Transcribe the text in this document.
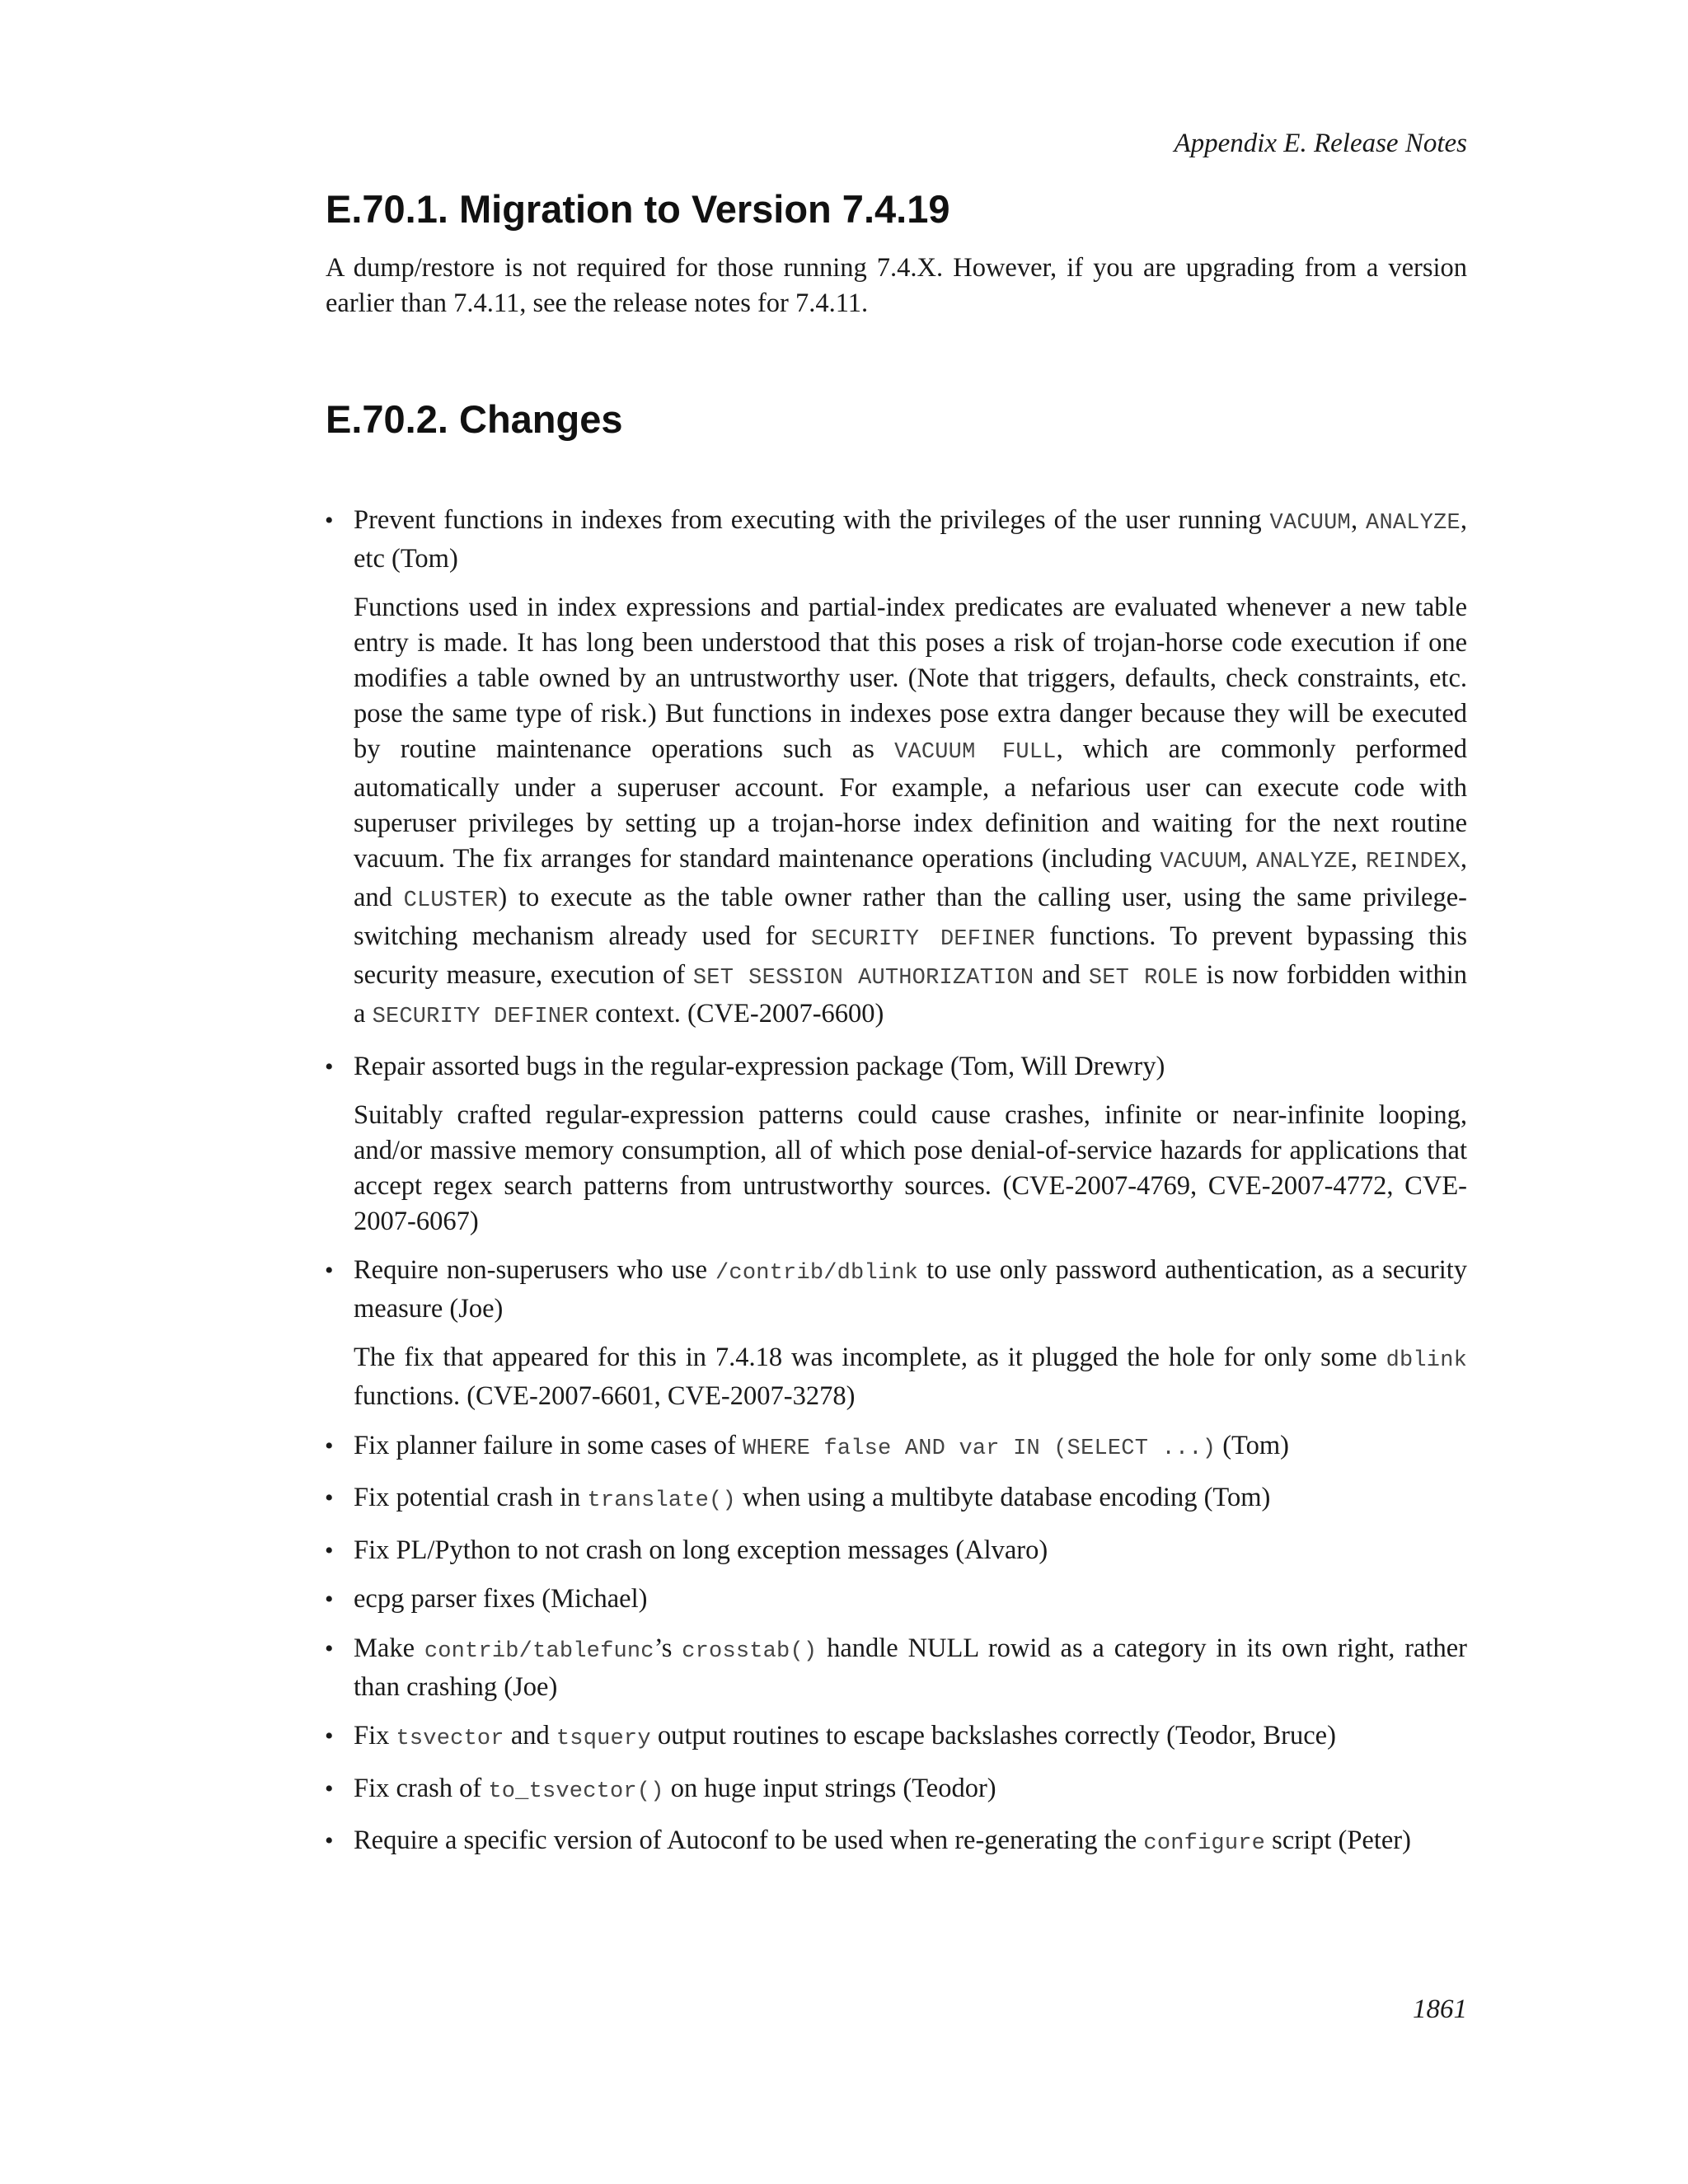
Appendix E. Release Notes
E.70.1. Migration to Version 7.4.19

A dump/restore is not required for those running 7.4.X. However, if you are upgrading from a version earlier than 7.4.11, see the release notes for 7.4.11.

E.70.2. Changes
• Prevent functions in indexes from executing with the privileges of the user running VACUUM, ANALYZE, etc (Tom)
Functions used in index expressions and partial-index predicates are evaluated whenever a new table entry is made. It has long been understood that this poses a risk of trojan-horse code execution if one modifies a table owned by an untrustworthy user. (Note that triggers, defaults, check constraints, etc. pose the same type of risk.) But functions in indexes pose extra danger because they will be executed by routine maintenance operations such as VACUUM FULL, which are commonly performed automatically under a superuser account. For example, a nefarious user can execute code with superuser privileges by setting up a trojan-horse index definition and waiting for the next routine vacuum. The fix arranges for standard maintenance operations (including VACUUM, ANALYZE, REINDEX, and CLUSTER) to execute as the table owner rather than the calling user, using the same privilege-switching mechanism already used for SECURITY DEFINER functions. To prevent bypassing this security measure, execution of SET SESSION AUTHORIZATION and SET ROLE is now forbidden within a SECURITY DEFINER context. (CVE-2007-6600)
• Repair assorted bugs in the regular-expression package (Tom, Will Drewry)
Suitably crafted regular-expression patterns could cause crashes, infinite or near-infinite looping, and/or massive memory consumption, all of which pose denial-of-service hazards for applications that accept regex search patterns from untrustworthy sources. (CVE-2007-4769, CVE-2007-4772, CVE-2007-6067)
• Require non-superusers who use /contrib/dblink to use only password authentication, as a security measure (Joe)
The fix that appeared for this in 7.4.18 was incomplete, as it plugged the hole for only some dblink functions. (CVE-2007-6601, CVE-2007-3278)
• Fix planner failure in some cases of WHERE false AND var IN (SELECT ...) (Tom)
• Fix potential crash in translate() when using a multibyte database encoding (Tom)
• Fix PL/Python to not crash on long exception messages (Alvaro)
• ecpg parser fixes (Michael)
• Make contrib/tablefunc’s crosstab() handle NULL rowid as a category in its own right, rather than crashing (Joe)
• Fix tsvector and tsquery output routines to escape backslashes correctly (Teodor, Bruce)
• Fix crash of to_tsvector() on huge input strings (Teodor)
• Require a specific version of Autoconf to be used when re-generating the configure script (Peter)
1861
